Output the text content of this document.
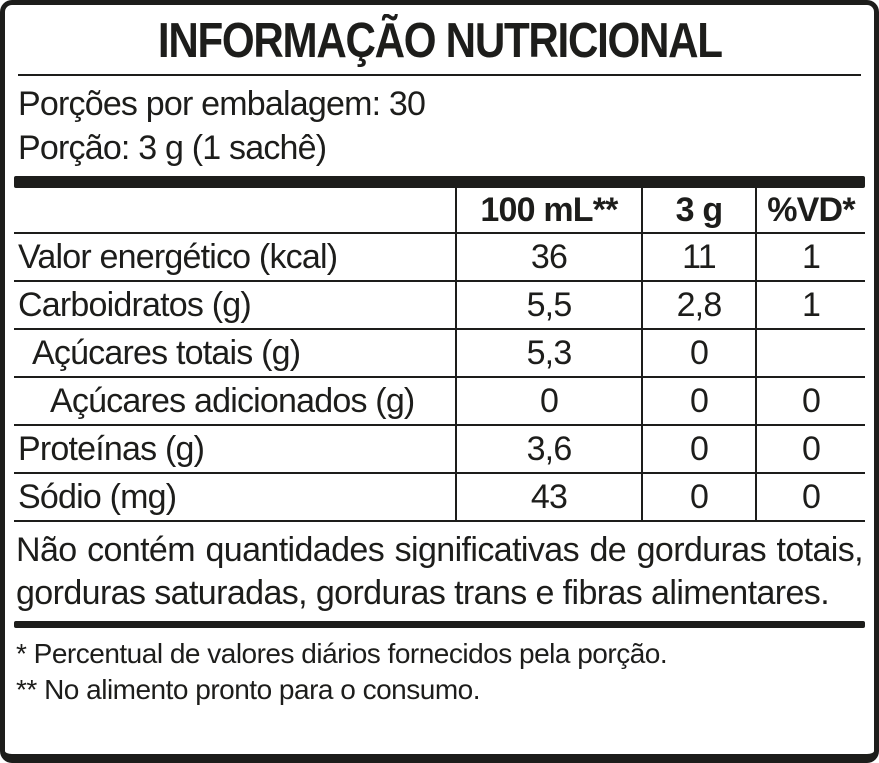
INFORMAÇÃO NUTRICIONAL
Porções por embalagem: 30
Porção: 3 g (1 sachê)
100 mL**	3 g	%VD*
Valor energético (kcal)	36	11	1
Carboidratos (g)	5,5	2,8	1
Açúcares totais (g)	5,3	0
Açúcares adicionados (g)	0	0	0
Proteínas (g)	3,6	0	0
Sódio (mg)	43	0	0
Não contém quantidades significativas de gorduras totais, gorduras saturadas, gorduras trans e fibras alimentares.
* Percentual de valores diários fornecidos pela porção.
** No alimento pronto para o consumo.
